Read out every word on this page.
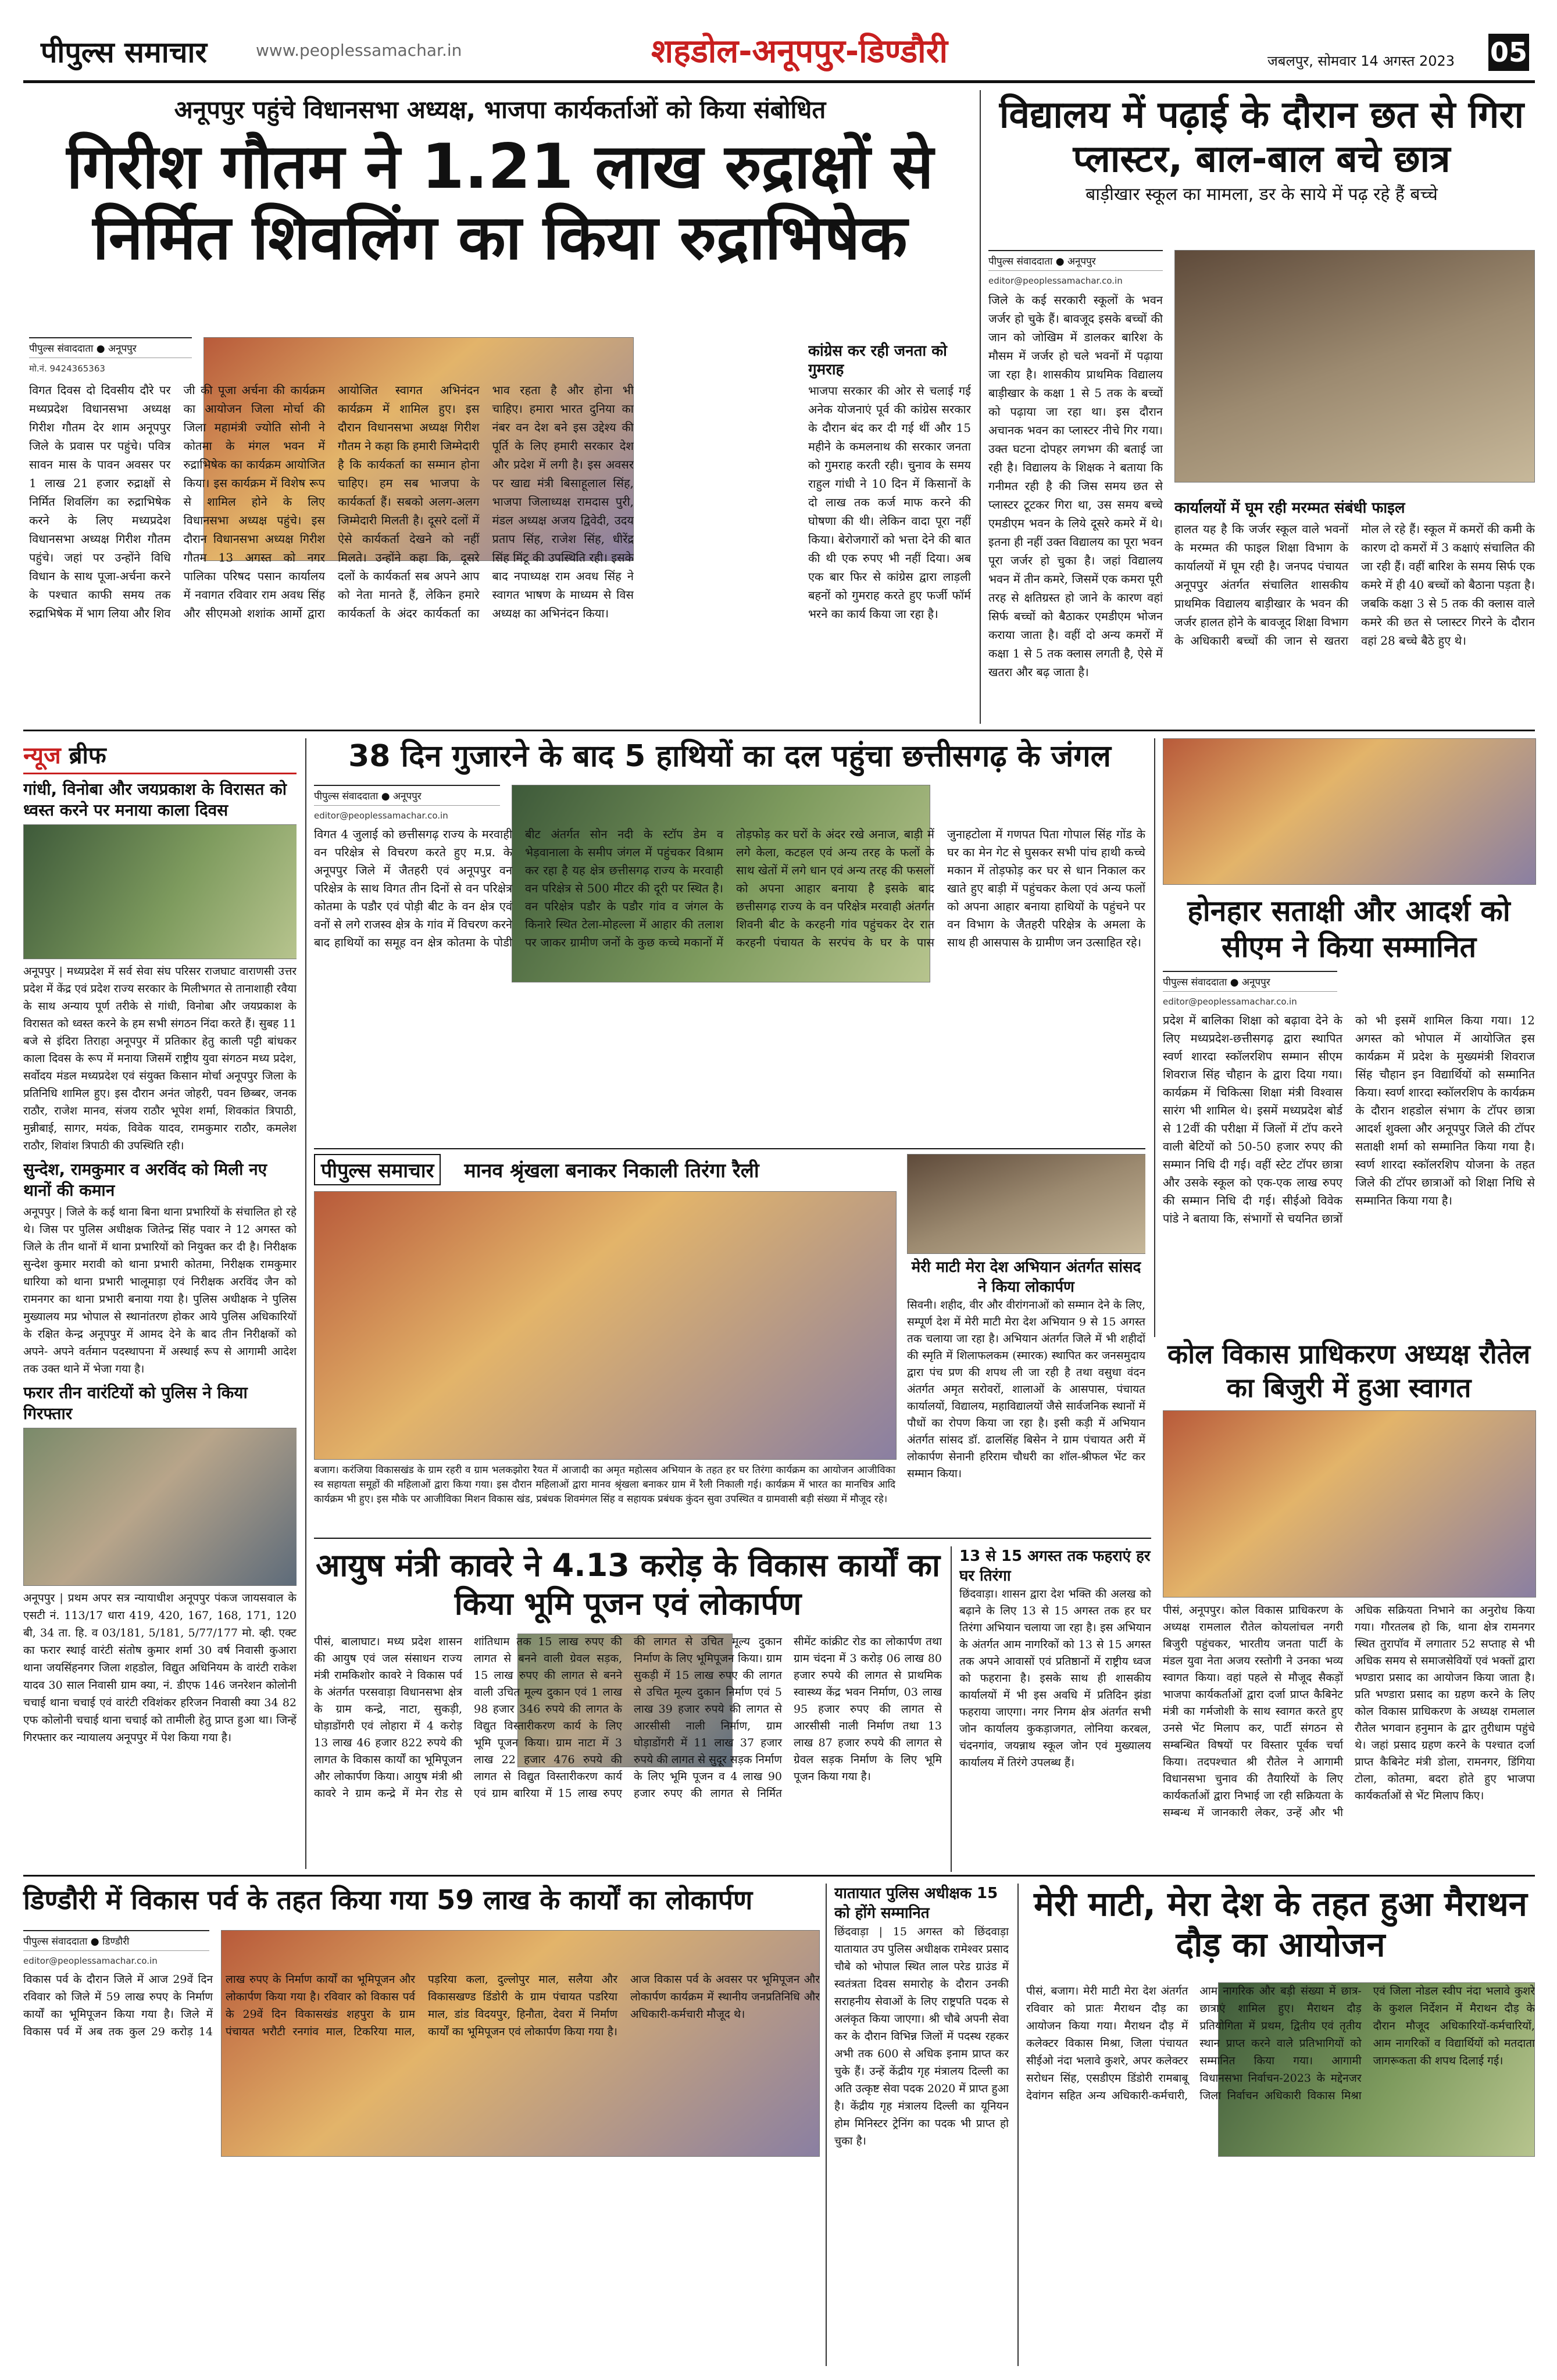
पीपुल्स समाचार	www.peoplessamachar.in	शहडोल-अनूपपुर-डिण्डौरी	जबलपुर, सोमवार 14 अगस्त 2023 05

अनूपपुर पहुंचे विधानसभा अध्यक्ष, भाजपा कार्यकर्ताओं को किया संबोधित

गिरीश गौतम ने 1.21 लाख रुद्राक्षों से निर्मित शिवलिंग का किया रुद्राभिषेक
पीपुल्स संवाददाता ● अनूपपुर
मो.नं. 9424365363
विगत दिवस दो दिवसीय दौरे पर मध्यप्रदेश विधानसभा अध्यक्ष गिरीश गौतम देर शाम अनूपपुर जिले के प्रवास पर पहुंचे। पवित्र सावन मास के पावन अवसर पर 1 लाख 21 हजार रुद्राक्षों से निर्मित शिवलिंग का रुद्राभिषेक करने के लिए मध्यप्रदेश विधानसभा अध्यक्ष गिरीश गौतम पहुंचे। जहां पर उन्होंने विधि विधान के साथ पूजा-अर्चना करने के पश्चात काफी समय तक रुद्राभिषेक में भाग लिया और शिव जी की पूजा अर्चना की कार्यक्रम का आयोजन जिला मोर्चा की जिला महामंत्री ज्योति सोनी ने कोतमा के मंगल भवन में रुद्राभिषेक का कार्यक्रम आयोजित किया। इस कार्यक्रम में विशेष रूप से शामिल होने के लिए विधानसभा अध्यक्ष पहुंचे। इस दौरान विधानसभा अध्यक्ष गिरीश गौतम 13 अगस्त को नगर पालिका परिषद पसान कार्यालय में नवागत रविवार राम अवध सिंह और सीएमओ शशांक आर्मो द्वारा आयोजित स्वागत अभिनंदन कार्यक्रम में शामिल हुए। इस दौरान विधानसभा अध्यक्ष गिरीश गौतम ने कहा कि हमारी जिम्मेदारी है कि कार्यकर्ता का सम्मान होना चाहिए। हम सब भाजपा के कार्यकर्ता हैं। सबको अलग-अलग जिम्मेदारी मिलती है। दूसरे दलों में ऐसे कार्यकर्ता देखने को नहीं मिलते। उन्होंने कहा कि, दूसरे दलों के कार्यकर्ता सब अपने आप को नेता मानते हैं, लेकिन हमारे कार्यकर्ता के अंदर कार्यकर्ता का भाव रहता है और होना भी चाहिए। हमारा भारत दुनिया का नंबर वन देश बने इस उद्देश्य की पूर्ति के लिए हमारी सरकार देश और प्रदेश में लगी है। इस अवसर पर खाद्य मंत्री बिसाहूलाल सिंह, भाजपा जिलाध्यक्ष रामदास पुरी, मंडल अध्यक्ष अजय द्विवेदी, उदय प्रताप सिंह, राजेश सिंह, धीरेंद्र सिंह मिंटू की उपस्थिति रही। इसके बाद नपाध्यक्ष राम अवध सिंह ने स्वागत भाषण के माध्यम से विस अध्यक्ष का अभिनंदन किया।
कांग्रेस कर रही जनता को गुमराह

भाजपा सरकार की ओर से चलाई गई अनेक योजनाएं पूर्व की कांग्रेस सरकार के दौरान बंद कर दी गई थीं और 15 महीने के कमलनाथ की सरकार जनता को गुमराह करती रही। चुनाव के समय राहुल गांधी ने 10 दिन में किसानों के दो लाख तक कर्ज माफ करने की घोषणा की थी। लेकिन वादा पूरा नहीं किया। बेरोजगारों को भत्ता देने की बात की थी एक रुपए भी नहीं दिया। अब एक बार फिर से कांग्रेस द्वारा लाड़ली बहनों को गुमराह करते हुए फर्जी फॉर्म भरने का कार्य किया जा रहा है।

विद्यालय में पढ़ाई के दौरान छत से गिरा प्लास्टर, बाल-बाल बचे छात्र

बाड़ीखार स्कूल का मामला, डर के साये में पढ़ रहे हैं बच्चे

पीपुल्स संवाददाता ● अनूपपुर
editor@peoplessamachar.co.in
जिले के कई सरकारी स्कूलों के भवन जर्जर हो चुके हैं। बावजूद इसके बच्चों की जान को जोखिम में डालकर बारिश के मौसम में जर्जर हो चले भवनों में पढ़ाया जा रहा है। शासकीय प्राथमिक विद्यालय बाड़ीखार के कक्षा 1 से 5 तक के बच्चों को पढ़ाया जा रहा था। इस दौरान अचानक भवन का प्लास्टर नीचे गिर गया। उक्त घटना दोपहर लगभग की बताई जा रही है। विद्यालय के शिक्षक ने बताया कि गनीमत रही है की जिस समय छत से प्लास्टर टूटकर गिरा था, उस समय बच्चे एमडीएम भवन के लिये दूसरे कमरे में थे। इतना ही नहीं उक्त विद्यालय का पूरा भवन पूरा जर्जर हो चुका है। जहां विद्यालय भवन में तीन कमरे, जिसमें एक कमरा पूरी तरह से क्षतिग्रस्त हो जाने के कारण वहां सिर्फ बच्चों को बैठाकर एमडीएम भोजन कराया जाता है। वहीं दो अन्य कमरों में कक्षा 1 से 5 तक क्लास लगती है, ऐसे में खतरा और बढ़ जाता है।
कार्यालयों में घूम रही मरम्मत संबंधी फाइल

हालत यह है कि जर्जर स्कूल वाले भवनों के मरम्मत की फाइल शिक्षा विभाग के कार्यालयों में घूम रही है। जनपद पंचायत अनूपपुर अंतर्गत संचालित शासकीय प्राथमिक विद्यालय बाड़ीखार के भवन की जर्जर हालत होने के बावजूद शिक्षा विभाग के अधिकारी बच्चों की जान से खतरा मोल ले रहे हैं। स्कूल में कमरों की कमी के कारण दो कमरों में 3 कक्षाएं संचालित की जा रही हैं। वहीं बारिश के समय सिर्फ एक कमरे में ही 40 बच्चों को बैठाना पड़ता है। जबकि कक्षा 3 से 5 तक की क्लास वाले कमरे की छत से प्लास्टर गिरने के दौरान वहां 28 बच्चे बैठे हुए थे।

न्यूज ब्रीफ
गांधी, विनोबा और जयप्रकाश के विरासत को ध्वस्त करने पर मनाया काला दिवस

अनूपपुर | मध्यप्रदेश में सर्व सेवा संघ परिसर राजघाट वाराणसी उत्तर प्रदेश में केंद्र एवं प्रदेश राज्य सरकार के मिलीभगत से तानाशाही रवैया के साथ अन्याय पूर्ण तरीके से गांधी, विनोबा और जयप्रकाश के विरासत को ध्वस्त करने के हम सभी संगठन निंदा करते हैं। सुबह 11 बजे से इंदिरा तिराहा अनूपपुर में प्रतिकार हेतु काली पट्टी बांधकर काला दिवस के रूप में मनाया जिसमें राष्ट्रीय युवा संगठन मध्य प्रदेश, सर्वोदय मंडल मध्यप्रदेश एवं संयुक्त किसान मोर्चा अनूपपुर जिला के प्रतिनिधि शामिल हुए। इस दौरान अनंत जोहरी, पवन छिब्बर, जनक राठौर, राजेश मानव, संजय राठौर भूपेश शर्मा, शिवकांत त्रिपाठी, मुन्नीबाई, सागर, मयंक, विवेक यादव, रामकुमार राठौर, कमलेश राठौर, शिवांश त्रिपाठी की उपस्थिति रही।

सुन्देश, रामकुमार व अरविंद को मिली नए थानों की कमान

अनूपपुर | जिले के कई थाना बिना थाना प्रभारियों के संचालित हो रहे थे। जिस पर पुलिस अधीक्षक जितेन्द्र सिंह पवार ने 12 अगस्त को जिले के तीन थानों में थाना प्रभारियों को नियुक्त कर दी है। निरीक्षक सुन्देश कुमार मरावी को थाना प्रभारी कोतमा, निरीक्षक रामकुमार धारिया को थाना प्रभारी भालूमाड़ा एवं निरीक्षक अरविंद जैन को रामनगर का थाना प्रभारी बनाया गया है। पुलिस अधीक्षक ने पुलिस मुख्यालय मप्र भोपाल से स्थानांतरण होकर आये पुलिस अधिकारियों के रक्षित केन्द्र अनूपपुर में आमद देने के बाद तीन निरीक्षकों को अपने- अपने वर्तमान पदस्थापना में अस्थाई रूप से आगामी आदेश तक उक्त थाने में भेजा गया है।

फरार तीन वारंटियों को पुलिस ने किया गिरफ्तार

अनूपपुर | प्रथम अपर सत्र न्यायाधीश अनूपपुर पंकज जायसवाल के एसटी नं. 113/17 धारा 419, 420, 167, 168, 171, 120 बी, 34 ता. हि. व 03/181, 5/181, 5/77/177 मो. व्ही. एक्ट का फरार स्थाई वारंटी संतोष कुमार शर्मा 30 वर्ष निवासी कुआरा थाना जयसिंहनगर जिला शहडोल, विद्युत अधिनियम के वारंटी राकेश यादव 30 साल निवासी ग्राम क्या, नं. डीएफ 146 जनरेशन कोलोनी चचाई थाना चचाई एवं वारंटी रविशंकर हरिजन निवासी क्या 34 82 एफ कोलोनी चचाई थाना चचाई को तामीली हेतु प्राप्त हुआ था। जिन्हें गिरफ्तार कर न्यायालय अनूपपुर में पेश किया गया है।

38 दिन गुजारने के बाद 5 हाथियों का दल पहुंचा छत्तीसगढ़ के जंगल
पीपुल्स संवाददाता ● अनूपपुर
editor@peoplessamachar.co.in
विगत 4 जुलाई को छत्तीसगढ़ राज्य के मरवाही वन परिक्षेत्र से विचरण करते हुए म.प्र. के अनूपपुर जिले में जैतहरी एवं अनूपपुर वन परिक्षेत्र के साथ विगत तीन दिनों से वन परिक्षेत्र कोतमा के पडौर एवं पोड़ी बीट के वन क्षेत्र एवं वनों से लगे राजस्व क्षेत्र के गांव में विचरण करने बाद हाथियों का समूह वन क्षेत्र कोतमा के पोडी बीट अंतर्गत सोन नदी के स्टॉप डेम व भेड़वानाला के समीप जंगल में पहुंचकर विश्राम कर रहा है यह क्षेत्र छत्तीसगढ़ राज्य के मरवाही वन परिक्षेत्र से 500 मीटर की दूरी पर स्थित है। वन परिक्षेत्र पडौर के पडौर गांव व जंगल के किनारे स्थित टेला-मोहल्ला में आहार की तलाश पर जाकर ग्रामीण जनों के कुछ कच्चे मकानों में तोड़फोड़ कर घरों के अंदर रखे अनाज, बाड़ी में लगे केला, कटहल एवं अन्य तरह के फलों के साथ खेतों में लगे धान एवं अन्य तरह की फसलों को अपना आहार बनाया है इसके बाद छत्तीसगढ़ राज्य के वन परिक्षेत्र मरवाही अंतर्गत शिवनी बीट के करहनी गांव पहुंचकर देर रात करहनी पंचायत के सरपंच के घर के पास जुनाहटोला में गणपत पिता गोपाल सिंह गोंड के घर का मेन गेट से घुसकर सभी पांच हाथी कच्चे मकान में तोड़फोड़ कर घर से धान निकाल कर खाते हुए बाड़ी में पहुंचकर केला एवं अन्य फलों को अपना आहार बनाया हाथियों के पहुंचने पर वन विभाग के जैतहरी परिक्षेत्र के अमला के साथ ही आसपास के ग्रामीण जन उत्साहित रहे।
होनहार सताक्षी और आदर्श को सीएम ने किया सम्मानित
पीपुल्स संवाददाता ● अनूपपुर
editor@peoplessamachar.co.in

प्रदेश में बालिका शिक्षा को बढ़ावा देने के लिए मध्यप्रदेश-छत्तीसगढ़ द्वारा स्थापित स्वर्ण शारदा स्कॉलरशिप सम्मान सीएम शिवराज सिंह चौहान के द्वारा दिया गया। कार्यक्रम में चिकित्सा शिक्षा मंत्री विश्वास सारंग भी शामिल थे। इसमें मध्यप्रदेश बोर्ड से 12वीं की परीक्षा में जिलों में टॉप करने वाली बेटियों को 50-50 हजार रुपए की सम्मान निधि दी गई। वहीं स्टेट टॉपर छात्रा और उसके स्कूल को एक-एक लाख रुपए की सम्मान निधि दी गई। सीईओ विवेक पांडे ने बताया कि, संभागों से चयनित छात्रों को भी इसमें शामिल किया गया। 12 अगस्त को भोपाल में आयोजित इस कार्यक्रम में प्रदेश के मुख्यमंत्री शिवराज सिंह चौहान इन विद्यार्थियों को सम्मानित किया। स्वर्ण शारदा स्कॉलरशिप के कार्यक्रम के दौरान शहडोल संभाग के टॉपर छात्रा आदर्श शुक्ला और अनूपपुर जिले की टॉपर सताक्षी शर्मा को सम्मानित किया गया है। स्वर्ण शारदा स्कॉलरशिप योजना के तहत जिले की टॉपर छात्राओं को शिक्षा निधि से सम्मानित किया गया है।

पीपुल्स समाचार	मानव श्रृंखला बनाकर निकाली तिरंगा रैली

बजाग। करंजिया विकासखंड के ग्राम रहरी व ग्राम भलकझोरा रैयत में आजादी का अमृत महोत्सव अभियान के तहत हर घर तिरंगा कार्यक्रम का आयोजन आजीविका स्व सहायता समूहों की महिलाओं द्वारा किया गया। इस दौरान महिलाओं द्वारा मानव श्रृंखला बनाकर ग्राम में रैली निकाली गई। कार्यक्रम में भारत का मानचित्र आदि कार्यक्रम भी हुए। इस मौके पर आजीविका मिशन विकास खंड, प्रबंधक शिवमंगल सिंह व सहायक प्रबंधक कुंदन सुवा उपस्थित व ग्रामवासी बड़ी संख्या में मौजूद रहे।

मेरी माटी मेरा देश अभियान अंतर्गत सांसद ने किया लोकार्पण

सिवनी। शहीद, वीर और वीरांगनाओं को सम्मान देने के लिए, सम्पूर्ण देश में मेरी माटी मेरा देश अभियान 9 से 15 अगस्त तक चलाया जा रहा है। अभियान अंतर्गत जिले में भी शहीदों की स्मृति में शिलाफलकम (स्मारक) स्थापित कर जनसमुदाय द्वारा पंच प्रण की शपथ ली जा रही है तथा वसुधा वंदन अंतर्गत अमृत सरोवरों, शालाओं के आसपास, पंचायत कार्यालयों, विद्यालय, महाविद्यालयों जैसे सार्वजनिक स्थानों में पौधों का रोपण किया जा रहा है। इसी कड़ी में अभियान अंतर्गत सांसद डॉ. ढालसिंह बिसेन ने ग्राम पंचायत अरी में लोकार्पण सेनानी हरिराम चौधरी का शॉल-श्रीफल भेंट कर सम्मान किया।

कोल विकास प्राधिकरण अध्यक्ष रौतेल का बिजुरी में हुआ स्वागत

पीसं, अनूपपुर। कोल विकास प्राधिकरण के अध्यक्ष रामलाल रौतेल कोयलांचल नगरी बिजुरी पहुंचकर, भारतीय जनता पार्टी के मंडल युवा नेता अजय रस्तोगी ने उनका भव्य स्वागत किया। वहां पहले से मौजूद सैकड़ों भाजपा कार्यकर्ताओं द्वारा दर्जा प्राप्त कैबिनेट मंत्री का गर्मजोशी के साथ स्वागत करते हुए उनसे भेंट मिलाप कर, पार्टी संगठन से सम्बन्धित विषयों पर विस्तार पूर्वक चर्चा किया। तदपश्चात श्री रौतेल ने आगामी विधानसभा चुनाव की तैयारियों के लिए कार्यकर्ताओं द्वारा निभाई जा रही सक्रियता के सम्बन्ध में जानकारी लेकर, उन्हें और भी अधिक सक्रियता निभाने का अनुरोध किया गया। गौरतलब हो कि, थाना क्षेत्र रामनगर स्थित तुरापाॅव में लगातार 52 सप्ताह से भी अधिक समय से समाजसेवियों एवं भक्तों द्वारा भण्डारा प्रसाद का आयोजन किया जाता है। प्रति भण्डारा प्रसाद का ग्रहण करने के लिए कोल विकास प्राधिकरण के अध्यक्ष रामलाल रौतेल भगवान हनुमान के द्वार तुरीधाम पहुंचे थे। जहां प्रसाद ग्रहण करने के पश्चात दर्जा प्राप्त कैबिनेट मंत्री डोला, रामनगर, डिंगिया टोला, कोतमा, बदरा होते हुए भाजपा कार्यकर्ताओं से भेंट मिलाप किए।

आयुष मंत्री कावरे ने 4.13 करोड़ के विकास कार्यों का किया भूमि पूजन एवं लोकार्पण
पीसं, बालाघाट। मध्य प्रदेश शासन की आयुष एवं जल संसाधन राज्य मंत्री रामकिशोर कावरे ने विकास पर्व के अंतर्गत परसवाड़ा विधानसभा क्षेत्र के ग्राम कन्द्रे, नाटा, सुकड़ी, घोड़ाडोंगरी एवं लोहारा में 4 करोड़ 13 लाख 46 हजार 822 रुपये की लागत के विकास कार्यों का भूमिपूजन और लोकार्पण किया। आयुष मंत्री श्री कावरे ने ग्राम कन्द्रे में मेन रोड से शांतिधाम तक 15 लाख रुपए की लागत से बनने वाली ग्रेवल सड़क, 15 लाख रुपए की लागत से बनने वाली उचित मूल्य दुकान एवं 1 लाख 98 हजार 346 रुपये की लागत के विद्युत विस्तारीकरण कार्य के लिए भूमि पूजन किया। ग्राम नाटा में 3 लाख 22 हजार 476 रुपये की लागत से विद्युत विस्तारीकरण कार्य एवं ग्राम बारिया में 15 लाख रुपए की लागत से उचित मूल्य दुकान निर्माण के लिए भूमिपूजन किया। ग्राम सुकड़ी में 15 लाख रुपए की लागत से उचित मूल्य दुकान निर्माण एवं 5 लाख 39 हजार रुपये की लागत से आरसीसी नाली निर्माण, ग्राम घोड़ाडोंगरी में 11 लाख 37 हजार रुपये की लागत से सुदूर सड़क निर्माण के लिए भूमि पूजन व 4 लाख 90 हजार रुपए की लागत से निर्मित सीमेंट कांक्रीट रोड का लोकार्पण तथा ग्राम चंदना में 3 करोड़ 06 लाख 80 हजार रुपये की लागत से प्राथमिक स्वास्थ्य केंद्र भवन निर्माण, 03 लाख 95 हजार रुपए की लागत से आरसीसी नाली निर्माण तथा 13 लाख 87 हजार रुपये की लागत से ग्रेवल सड़क निर्माण के लिए भूमि पूजन किया गया है।
13 से 15 अगस्त तक फहराएं हर घर तिरंगा

छिंदवाड़ा। शासन द्वारा देश भक्ति की अलख को बढ़ाने के लिए 13 से 15 अगस्त तक हर घर तिरंगा अभियान चलाया जा रहा है। इस अभियान के अंतर्गत आम नागरिकों को 13 से 15 अगस्त तक अपने आवासों एवं प्रतिष्ठानों में राष्ट्रीय ध्वज को फहराना है। इसके साथ ही शासकीय कार्यालयों में भी इस अवधि में प्रतिदिन झंडा फहराया जाएगा। नगर निगम क्षेत्र अंतर्गत सभी जोन कार्यालय कुकड़ाजगत, लोनिया करबल, चंदनगांव, जयन्नाथ स्कूल जोन एवं मुख्यालय कार्यालय में तिरंगे उपलब्ध हैं।

डिण्डौरी में विकास पर्व के तहत किया गया 59 लाख के कार्यों का लोकार्पण
पीपुल्स संवाददाता ● डिण्डौरी
editor@peoplessamachar.co.in
विकास पर्व के दौरान जिले में आज 29वें दिन रविवार को जिले में 59 लाख रुपए के निर्माण कार्यों का भूमिपूजन किया गया है। जिले में विकास पर्व में अब तक कुल 29 करोड़ 14 लाख रुपए के निर्माण कार्यों का भूमिपूजन और लोकार्पण किया गया है। रविवार को विकास पर्व के 29वें दिन विकासखंड शहपुरा के ग्राम पंचायत भरौटी रनगांव माल, टिकरिया माल, पड़रिया कला, दुल्लोपुर माल, सलैया और विकासखण्ड डिंडोरी के ग्राम पंचायत पडरिया माल, डांड विदयपुर, हिनौता, देवरा में निर्माण कार्यों का भूमिपूजन एवं लोकार्पण किया गया है। आज विकास पर्व के अवसर पर भूमिपूजन और लोकार्पण कार्यक्रम में स्थानीय जनप्रतिनिधि और अधिकारी-कर्मचारी मौजूद थे।
यातायात पुलिस अधीक्षक 15 को होंगे सम्मानित

छिंदवाड़ा | 15 अगस्त को छिंदवाड़ा यातायात उप पुलिस अधीक्षक रामेश्वर प्रसाद चौबे को भोपाल स्थित लाल परेड ग्राउंड में स्वतंत्रता दिवस समारोह के दौरान उनकी सराहनीय सेवाओं के लिए राष्ट्रपति पदक से अलंकृत किया जाएगा। श्री चौबे अपनी सेवा कर के दौरान विभिन्न जिलों में पदस्थ रहकर अभी तक 600 से अधिक इनाम प्राप्त कर चुके हैं। उन्हें केंद्रीय गृह मंत्रालय दिल्ली का अति उत्कृष्ट सेवा पदक 2020 में प्राप्त हुआ है। केंद्रीय गृह मंत्रालय दिल्ली का यूनियन होम मिनिस्टर ट्रेनिंग का पदक भी प्राप्त हो चुका है।

मेरी माटी, मेरा देश के तहत हुआ मैराथन दौड़ का आयोजन
पीसं, बजाग। मेरी माटी मेरा देश अंतर्गत रविवार को प्रातः मैराथन दौड़ का आयोजन किया गया। मैराथन दौड़ में कलेक्टर विकास मिश्रा, जिला पंचायत सीईओ नंदा भलावे कुशरे, अपर कलेक्टर सरोधन सिंह, एसडीएम डिंडोरी रामबाबू देवांगन सहित अन्य अधिकारी-कर्मचारी, आम नागरिक और बड़ी संख्या में छात्र-छात्राएं शामिल हुए। मैराथन दौड़ प्रतियोगिता में प्रथम, द्वितीय एवं तृतीय स्थान प्राप्त करने वाले प्रतिभागियों को सम्मानित किया गया। आगामी विधानसभा निर्वाचन-2023 के मद्देनजर जिला निर्वाचन अधिकारी विकास मिश्रा एवं जिला नोडल स्वीप नंदा भलावे कुशरे के कुशल निर्देशन में मैराथन दौड़ के दौरान मौजूद अधिकारियों-कर्मचारियों, आम नागरिकों व विद्यार्थियों को मतदाता जागरूकता की शपथ दिलाई गई।
